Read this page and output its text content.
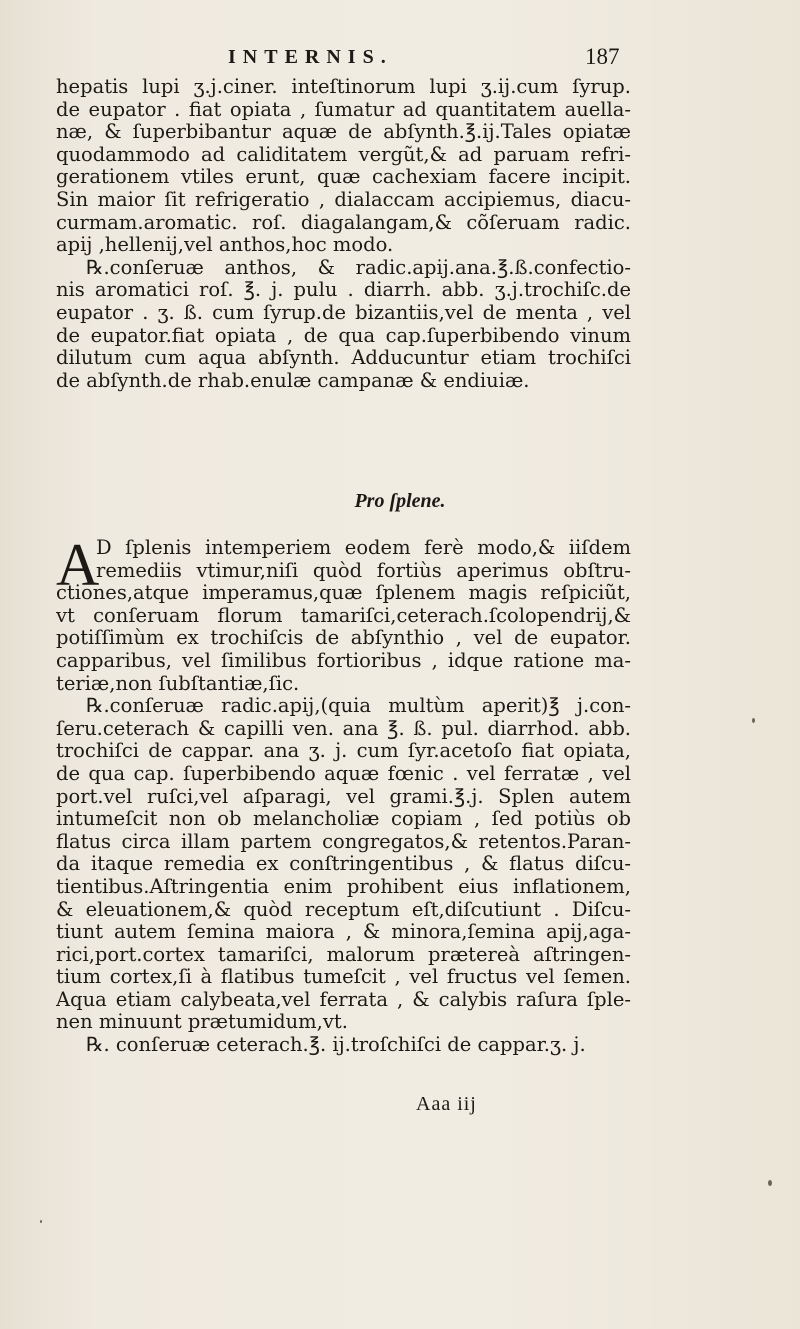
INTERNIS.	187
hepatis lupi ʒ.j.ciner. inteſtinorum lupi ʒ.ij.cum ſyrup.
de eupator . fiat opiata , ſumatur ad quantitatem auella-
næ, & ſuperbibantur aquæ de abſynth.℥.ij.Tales opiatæ
quodammodo ad caliditatem vergũt,& ad paruam refri-
gerationem vtiles erunt, quæ cachexiam facere incipit.
Sin maior ſit refrigeratio , dialaccam accipiemus, diacu-
curmam.aromatic. roſ. diagalangam,& cõſeruam radic.
apij ,hellenij,vel anthos,hoc modo.
℞.conſeruæ anthos, & radic.apij.ana.℥.ß.confectio-
nis aromatici roſ. ℥. j. pulu . diarrh. abb. ʒ.j.trochiſc.de
eupator . ʒ. ß. cum ſyrup.de bizantiis,vel de menta , vel
de eupator.fiat opiata , de qua cap.ſuperbibendo vinum
dilutum cum aqua abſynth. Adducuntur etiam trochiſci
de abſynth.de rhab.enulæ campanæ & endiuiæ.
Pro ſplene.
A
D ſplenis intemperiem eodem ferè modo,& iiſdem
remediis vtimur,niſi quòd fortiùs aperimus obſtru-
ctiones,atque imperamus,quæ ſplenem magis reſpiciũt,
vt conſeruam florum tamariſci,ceterach.ſcolopendrij,&
potiſſimùm ex trochiſcis de abſynthio , vel de eupator.
capparibus, vel ſimilibus fortioribus , idque ratione ma-
teriæ,non ſubſtantiæ,ſic.
℞.conſeruæ radic.apij,(quia multùm aperit)℥ j.con-
ſeru.ceterach & capilli ven. ana ℥. ß. pul. diarrhod. abb.
trochiſci de cappar. ana ʒ. j. cum ſyr.acetoſo fiat opiata,
de qua cap. ſuperbibendo aquæ fœnic . vel ferratæ , vel
port.vel ruſci,vel aſparagi, vel grami.℥.j. Splen autem
intumeſcit non ob melancholiæ copiam , ſed potiùs ob
flatus circa illam partem congregatos,& retentos.Paran-
da itaque remedia ex conſtringentibus , & flatus diſcu-
tientibus.Aſtringentia enim prohibent eius inflationem,
& eleuationem,& quòd receptum eſt,diſcutiunt . Diſcu-
tiunt autem ſemina maiora , & minora,ſemina apij,aga-
rici,port.cortex tamariſci, malorum prætereà aſtringen-
tium cortex,ſi à flatibus tumeſcit , vel fructus vel ſemen.
Aqua etiam calybeata,vel ferrata , & calybis raſura ſple-
nen minuunt prætumidum,vt.
℞. conſeruæ ceterach.℥. ij.troſchiſci de cappar.ʒ. j.
Aaa iij
